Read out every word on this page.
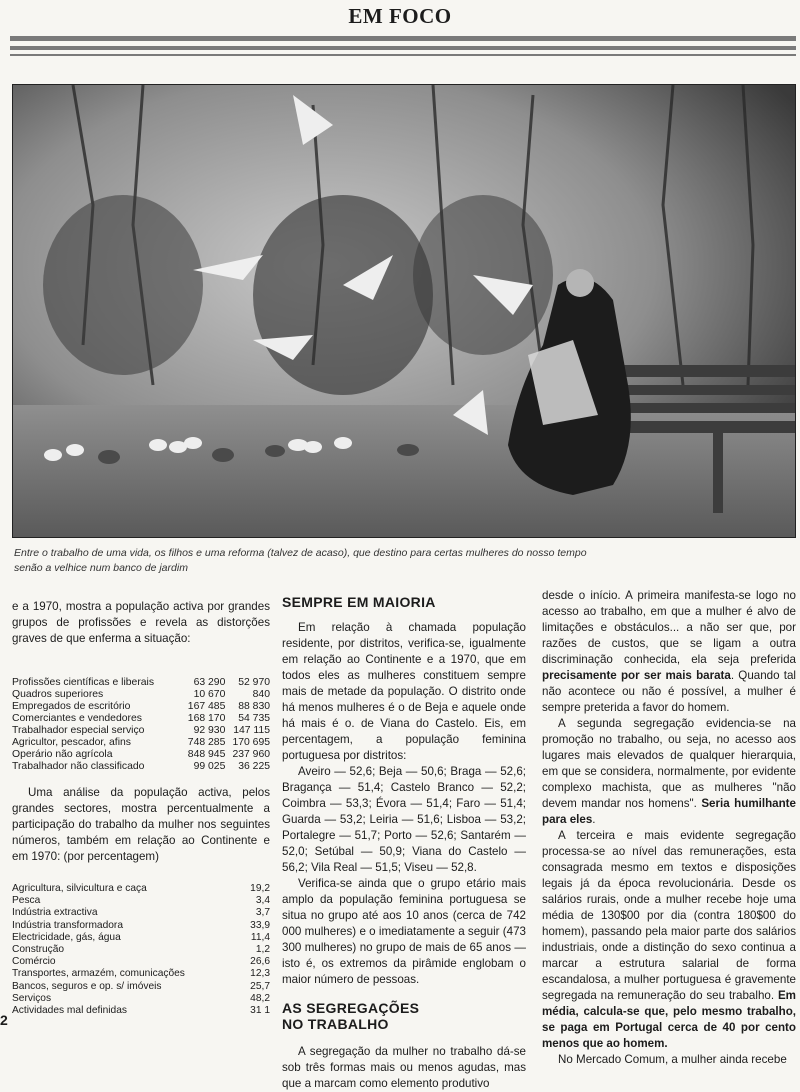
EM FOCO
Entre o trabalho de uma vida, os filhos e uma reforma (talvez de acaso), que destino para certas mulheres do nosso tempo senão a velhice num banco de jardim

e a 1970, mostra a população activa por grandes grupos de profissões e revela as distorções graves de que enferma a situação:

Profissões científicas e liberais	63 290	52 970
Quadros superiores	10 670	840
Empregados de escritório	167 485	88 830
Comerciantes e vendedores	168 170	54 735
Trabalhador especial serviço	92 930	147 115
Agricultor, pescador, afins	748 285	170 695
Operário não agrícola	848 945	237 960
Trabalhador não classificado	99 025	36 225

Uma análise da população activa, pelos grandes sectores, mostra percentualmente a participação do trabalho da mulher nos seguintes números, também em relação ao Continente e em 1970: (por percentagem)

Agricultura, silvicultura e caça	19,2
Pesca	3,4
Indústria extractiva	3,7
Indústria transformadora	33,9
Electricidade, gás, água	11,4
Construção	1,2
Comércio	26,6
Transportes, armazém, comunicações	12,3
Bancos, seguros e op. s/ imóveis	25,7
Serviços	48,2
Actividades mal definidas	31 1
SEMPRE EM MAIORIA

Em relação à chamada população residente, por distritos, verifica-se, igualmente em relação ao Continente e a 1970, que em todos eles as mulheres constituem sempre mais de metade da população. O distrito onde há menos mulheres é o de Beja e aquele onde há mais é o. de Viana do Castelo. Eis, em percentagem, a população feminina portuguesa por distritos:

Aveiro — 52,6; Beja — 50,6; Braga — 52,6; Bragança — 51,4; Castelo Branco — 52,2; Coimbra — 53,3; Évora — 51,4; Faro — 51,4; Guarda — 53,2; Leiria — 51,6; Lisboa — 53,2; Portalegre — 51,7; Porto — 52,6; Santarém — 52,0; Setúbal — 50,9; Viana do Castelo — 56,2; Vila Real — 51,5; Viseu — 52,8.

Verifica-se ainda que o grupo etário mais amplo da população feminina portuguesa se situa no grupo até aos 10 anos (cerca de 742 000 mulheres) e o imediatamente a seguir (473 300 mulheres) no grupo de mais de 65 anos — isto é, os extremos da pirâmide englobam o maior número de pessoas.

AS SEGREGAÇÕES
NO TRABALHO

A segregação da mulher no trabalho dá-se sob três formas mais ou menos agudas, mas que a marcam como elemento produtivo

desde o início. A primeira manifesta-se logo no acesso ao trabalho, em que a mulher é alvo de limitações e obstáculos... a não ser que, por razões de custos, que se ligam a outra discriminação conhecida, ela seja preferida precisamente por ser mais barata. Quando tal não acontece ou não é possível, a mulher é sempre preterida a favor do homem.

A segunda segregação evidencia-se na promoção no trabalho, ou seja, no acesso aos lugares mais elevados de qualquer hierarquia, em que se considera, normalmente, por evidente complexo machista, que as mulheres "não devem mandar nos homens". Seria humilhante para eles.

A terceira e mais evidente segregação processa-se ao nível das remunerações, esta consagrada mesmo em textos e disposições legais já da época revolucionária. Desde os salários rurais, onde a mulher recebe hoje uma média de 130$00 por dia (contra 180$00 do homem), passando pela maior parte dos salários industriais, onde a distinção do sexo continua a marcar a estrutura salarial de forma escandalosa, a mulher portuguesa é gravemente segregada na remuneração do seu trabalho. Em média, calcula-se que, pelo mesmo trabalho, se paga em Portugal cerca de 40 por cento menos que ao homem.

No Mercado Comum, a mulher ainda recebe

2
